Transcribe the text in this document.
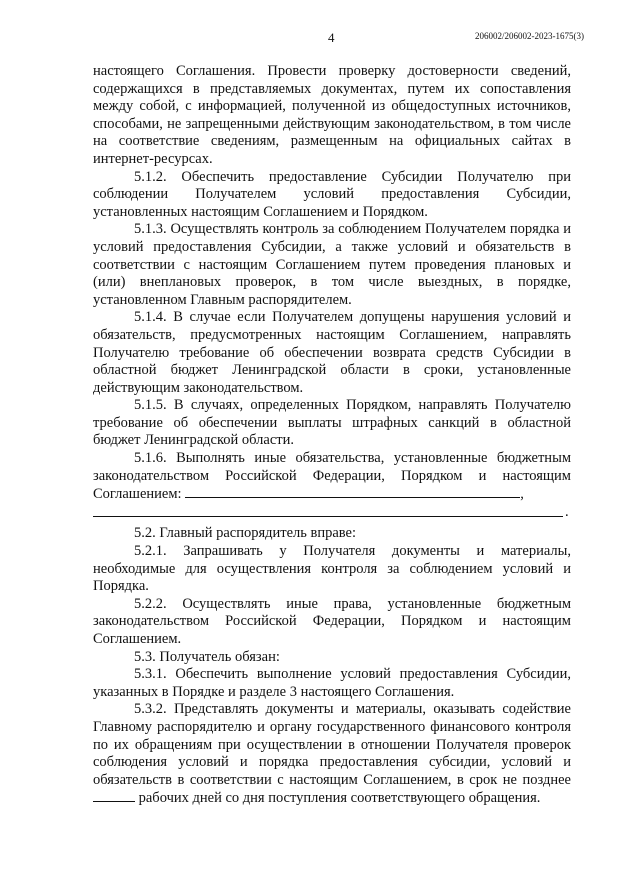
4	206002/206002-2023-1675(3)

настоящего Соглашения. Провести проверку достоверности сведений, содержащихся в представляемых документах, путем их сопоставления между собой, с информацией, полученной из общедоступных источников, способами, не запрещенными действующим законодательством, в том числе на соответствие сведениям, размещенным на официальных сайтах в интернет-ресурсах.

5.1.2. Обеспечить предоставление Субсидии Получателю при соблюдении Получателем условий предоставления Субсидии, установленных настоящим Соглашением и Порядком.

5.1.3. Осуществлять контроль за соблюдением Получателем порядка и условий предоставления Субсидии, а также условий и обязательств в соответствии с настоящим Соглашением путем проведения плановых и (или) внеплановых проверок, в том числе выездных, в порядке, установленном Главным распорядителем.

5.1.4. В случае если Получателем допущены нарушения условий и обязательств, предусмотренных настоящим Соглашением, направлять Получателю требование об обеспечении возврата средств Субсидии в областной бюджет Ленинградской области в сроки, установленные действующим законодательством.

5.1.5. В случаях, определенных Порядком, направлять Получателю требование об обеспечении выплаты штрафных санкций в областной бюджет Ленинградской области.

5.1.6. Выполнять иные обязательства, установленные бюджетным законодательством Российской Федерации, Порядком и настоящим Соглашением:	,

.

5.2. Главный распорядитель вправе:

5.2.1. Запрашивать у Получателя документы и материалы, необходимые для осуществления контроля за соблюдением условий и Порядка.

5.2.2. Осуществлять иные права, установленные бюджетным законодательством Российской Федерации, Порядком и настоящим Соглашением.

5.3. Получатель обязан:

5.3.1. Обеспечить выполнение условий предоставления Субсидии, указанных в Порядке и разделе 3 настоящего Соглашения.

5.3.2. Представлять документы и материалы, оказывать содействие Главному распорядителю и органу государственного финансового контроля по их обращениям при осуществлении в отношении Получателя проверок соблюдения условий и порядка предоставления субсидии, условий и обязательств в соответствии с настоящим Соглашением, в срок не позднее  рабочих дней со дня поступления соответствующего обращения.
